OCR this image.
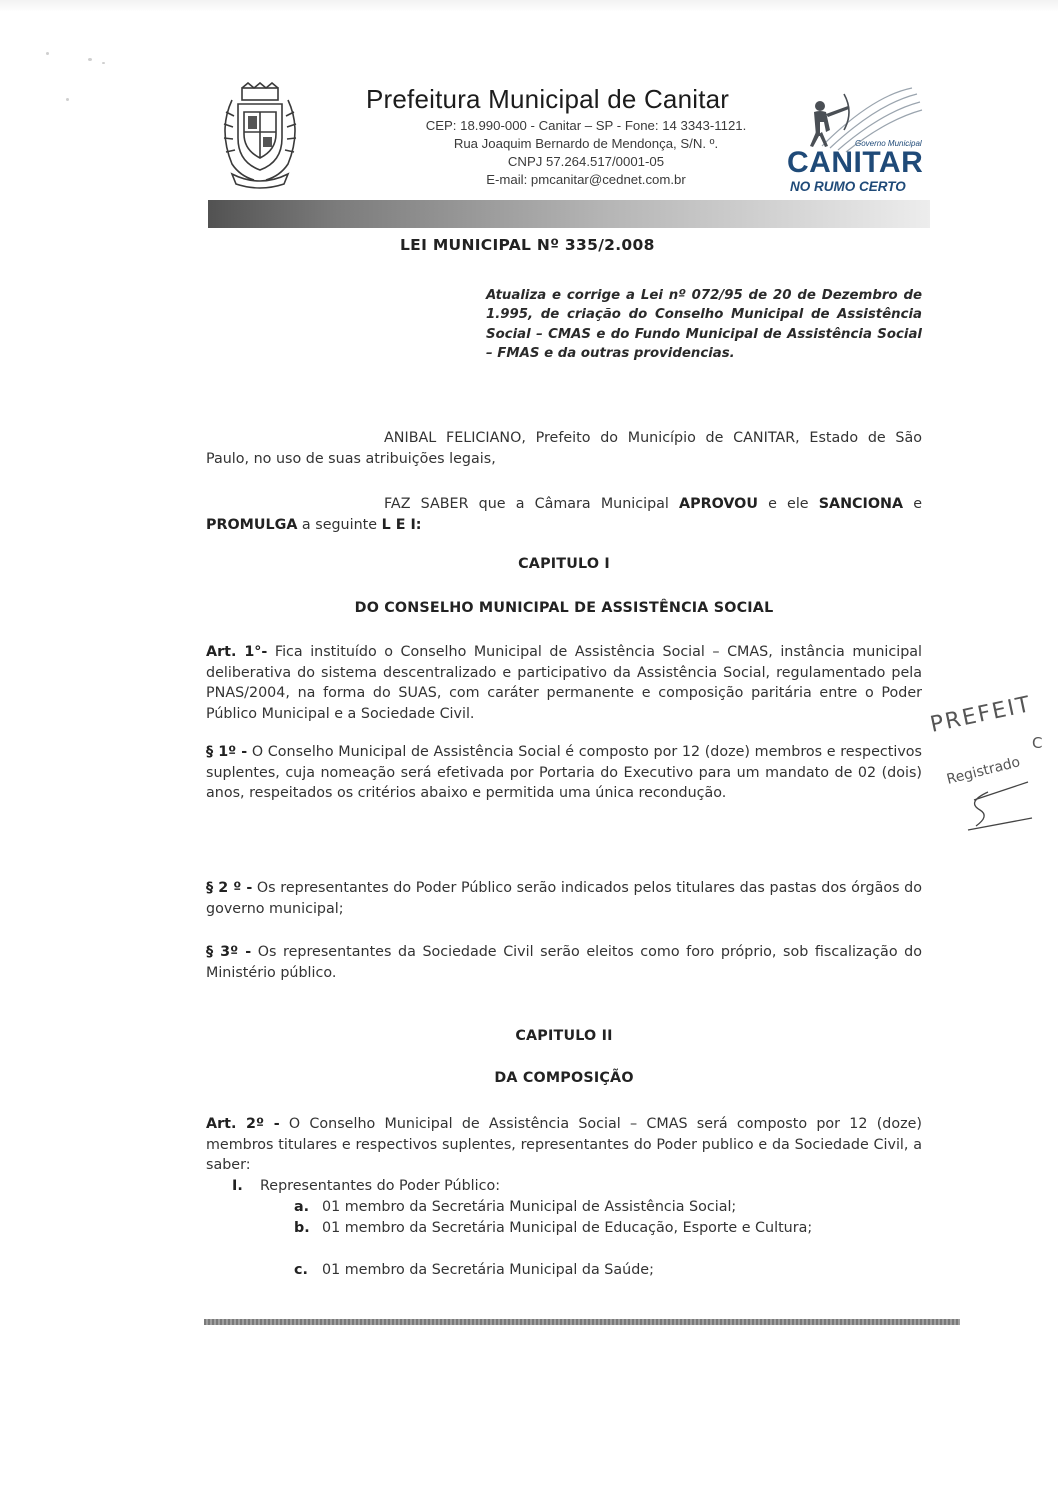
Prefeitura Municipal de Canitar
CEP: 18.990-000 - Canitar – SP - Fone: 14 3343-1121.
Rua Joaquim Bernardo de Mendonça, S/N. º.
CNPJ 57.264.517/0001-05
E-mail: pmcanitar@cednet.com.br
Governo Municipal
CANITAR
NO RUMO CERTO
LEI MUNICIPAL Nº 335/2.008
Atualiza e corrige a Lei nº 072/95 de 20 de Dezembro de 1.995, de criação do Conselho Municipal de Assistência Social – CMAS e do Fundo Municipal de Assistência Social – FMAS e da outras providencias.

ANIBAL FELICIANO, Prefeito do Município de CANITAR, Estado de São Paulo, no uso de suas atribuições legais,

FAZ SABER que a Câmara Municipal APROVOU e ele SANCIONA e PROMULGA a seguinte L E I:

CAPITULO I
DO CONSELHO MUNICIPAL DE ASSISTÊNCIA SOCIAL

Art. 1°- Fica instituído o Conselho Municipal de Assistência Social – CMAS, instância municipal deliberativa do sistema descentralizado e participativo da Assistência Social, regulamentado pela PNAS/2004, na forma do SUAS, com caráter permanente e composição paritária entre o Poder Público Municipal e a Sociedade Civil.

§ 1º - O Conselho Municipal de Assistência Social é composto por 12 (doze) membros e respectivos suplentes, cuja nomeação será efetivada por Portaria do Executivo para um mandato de 02 (dois) anos, respeitados os critérios abaixo e permitida uma única recondução.

§ 2 º - Os representantes do Poder Público serão indicados pelos titulares das pastas dos órgãos do governo municipal;

§ 3º - Os representantes da Sociedade Civil serão eleitos como foro próprio, sob fiscalização do Ministério público.

CAPITULO II
DA COMPOSIÇÃO

Art. 2º - O Conselho Municipal de Assistência Social – CMAS será composto por 12 (doze) membros titulares e respectivos suplentes, representantes do Poder publico e da Sociedade Civil, a saber:

I. Representantes do Poder Público:
a. 01 membro da Secretária Municipal de Assistência Social;
b. 01 membro da Secretária Municipal de Educação, Esporte e Cultura;
c. 01 membro da Secretária Municipal da Saúde;
PREFEIT
C
Registrado
